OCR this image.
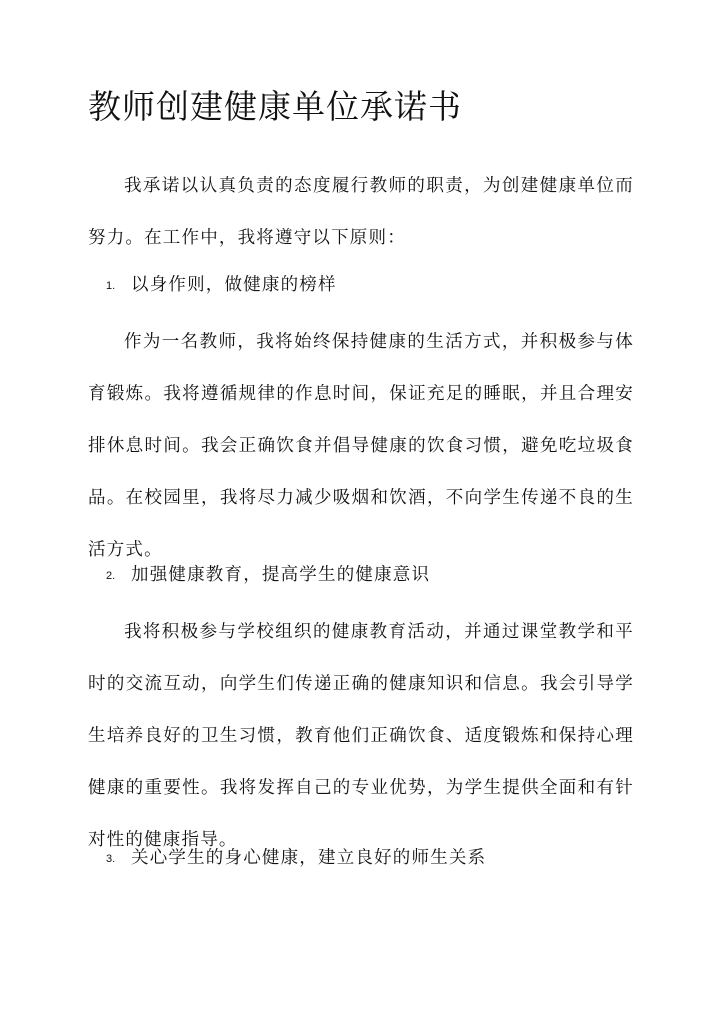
教师创建健康单位承诺书

我承诺以认真负责的态度履行教师的职责，为创建健康单位而努力。在工作中，我将遵守以下原则：

1. 以身作则，做健康的榜样

作为一名教师，我将始终保持健康的生活方式，并积极参与体育锻炼。我将遵循规律的作息时间，保证充足的睡眠，并且合理安排休息时间。我会正确饮食并倡导健康的饮食习惯，避免吃垃圾食品。在校园里，我将尽力减少吸烟和饮酒，不向学生传递不良的生活方式。

2. 加强健康教育，提高学生的健康意识

我将积极参与学校组织的健康教育活动，并通过课堂教学和平时的交流互动，向学生们传递正确的健康知识和信息。我会引导学生培养良好的卫生习惯，教育他们正确饮食、适度锻炼和保持心理健康的重要性。我将发挥自己的专业优势，为学生提供全面和有针对性的健康指导。

3. 关心学生的身心健康，建立良好的师生关系
